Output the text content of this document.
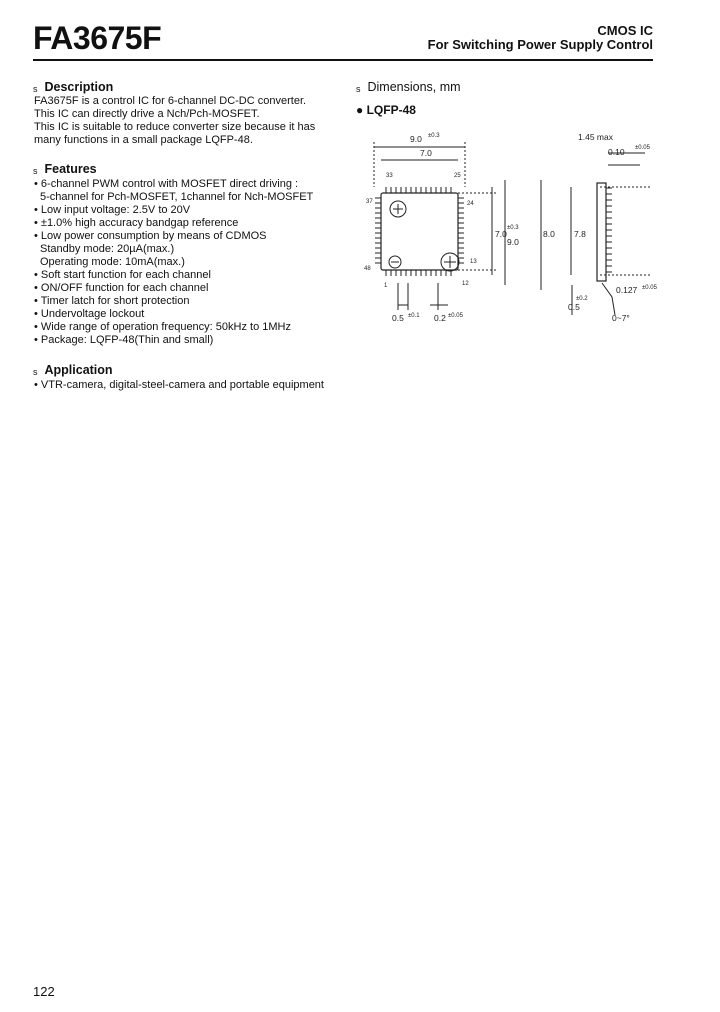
FA3675F	CMOS IC
For Switching Power Supply Control
s Description
FA3675F is a control IC for 6-channel DC-DC converter.
This IC can directly drive a Nch/Pch-MOSFET.
This IC is suitable to reduce converter size because it has
many functions in a small package LQFP-48.
s Features
• 6-channel PWM control with MOSFET direct driving :
5-channel for Pch-MOSFET, 1channel for Nch-MOSFET
• Low input voltage: 2.5V to 20V
• ±1.0% high accuracy bandgap reference
• Low power consumption by means of CDMOS
Standby mode: 20µA(max.)
Operating mode: 10mA(max.)
• Soft start function for each channel
• ON/OFF function for each channel
• Timer latch for short protection
• Undervoltage lockout
• Wide range of operation frequency: 50kHz to 1MHz
• Package: LQFP-48(Thin and small)
s Application
• VTR-camera, digital-steel-camera and portable equipment
s Dimensions, mm
● LQFP-48
9.0 ±0.3
7.0
33	25
37	24
48
13
1	12
7.0
9.0
±0.3
0.5 ±0.1 0.2 ±0.05
1.45 max
0.10 ±0.05
8.0 7.8
0.5
±0.2
0.127 ±0.05
0~7°
122
